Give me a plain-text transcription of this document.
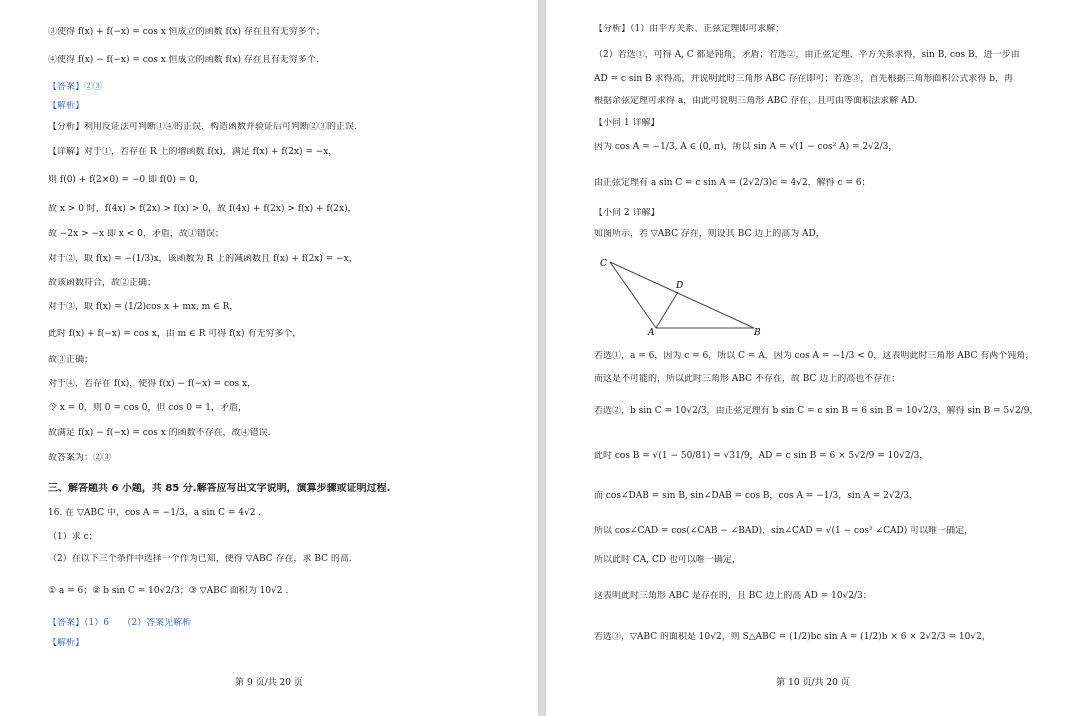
③使得 f(x) + f(−x) = cos x 恒成立的函数 f(x) 存在且有无穷多个；
④使得 f(x) − f(−x) = cos x 恒成立的函数 f(x) 存在且有无穷多个.
【答案】②③
【解析】
【分析】利用反证法可判断①④的正误，构造函数并验证后可判断②③的正误.
【详解】对于①，若存在 R 上的增函数 f(x)，满足 f(x) + f(2x) = −x，
则 f(0) + f(2×0) = −0 即 f(0) = 0，
故 x > 0 时，f(4x) > f(2x) > f(x) > 0，故 f(4x) + f(2x) > f(x) + f(2x)，
故 −2x > −x 即 x < 0，矛盾，故①错误；
对于②，取 f(x) = −(1/3)x，该函数为 R 上的减函数且 f(x) + f(2x) = −x，
故该函数符合，故②正确；
对于③，取 f(x) = (1/2)cos x + mx, m ∈ R，
此时 f(x) + f(−x) = cos x，由 m ∈ R 可得 f(x) 有无穷多个，
故③正确；
对于④，若存在 f(x)，使得 f(x) − f(−x) = cos x，
令 x = 0，则 0 = cos 0，但 cos 0 = 1，矛盾，
故满足 f(x) − f(−x) = cos x 的函数不存在，故④错误.
故答案为：②③
三、解答题共 6 小题，共 85 分.解答应写出文字说明，演算步骤或证明过程.
16. 在 ▽ABC 中，cos A = −1/3，a sin C = 4√2 .
（1）求 c；
（2）在以下三个条件中选择一个作为已知，使得 ▽ABC 存在，求 BC 的高.
① a = 6；② b sin C = 10√2/3；③ ▽ABC 面积为 10√2 .
【答案】（1）6　　（2）答案见解析
【解析】
第 9 页/共 20 页
【分析】（1）由平方关系、正弦定理即可求解；
（2）若选①，可得 A, C 都是钝角，矛盾；若选②，由正弦定理、平方关系求得，sin B, cos B，进一步由
AD = c sin B 求得高，并说明此时三角形 ABC 存在即可；若选③，首先根据三角形面积公式求得 b，再
根据余弦定理可求得 a，由此可说明三角形 ABC 存在，且可由等面积法求解 AD.
【小问 1 详解】
因为 cos A = −1/3, A ∈ (0, π)，所以 sin A = √(1 − cos² A) = 2√2/3，
由正弦定理有 a sin C = c sin A = (2√2/3)c = 4√2，解得 c = 6；
【小问 2 详解】
如图所示，若 ▽ABC 存在，则设其 BC 边上的高为 AD，
若选①，a = 6，因为 c = 6，所以 C = A，因为 cos A = −1/3 < 0，这表明此时三角形 ABC 有两个钝角，
而这是不可能的，所以此时三角形 ABC 不存在，故 BC 边上的高也不存在；
若选②，b sin C = 10√2/3，由正弦定理有 b sin C = c sin B = 6 sin B = 10√2/3，解得 sin B = 5√2/9，
此时 cos B = √(1 − 50/81) = √31/9，AD = c sin B = 6 × 5√2/9 = 10√2/3，
而 cos∠DAB = sin B, sin∠DAB = cos B，cos A = −1/3，sin A = 2√2/3，
所以 cos∠CAD = cos(∠CAB − ∠BAD)，sin∠CAD = √(1 − cos² ∠CAD) 可以唯一确定，
所以此时 CA, CD 也可以唯一确定，
这表明此时三角形 ABC 是存在的，且 BC 边上的高 AD = 10√2/3；
若选③，▽ABC 的面积是 10√2，则 S△ABC = (1/2)bc sin A = (1/2)b × 6 × 2√2/3 = 10√2，
第 10 页/共 20 页
C
D
A	B
